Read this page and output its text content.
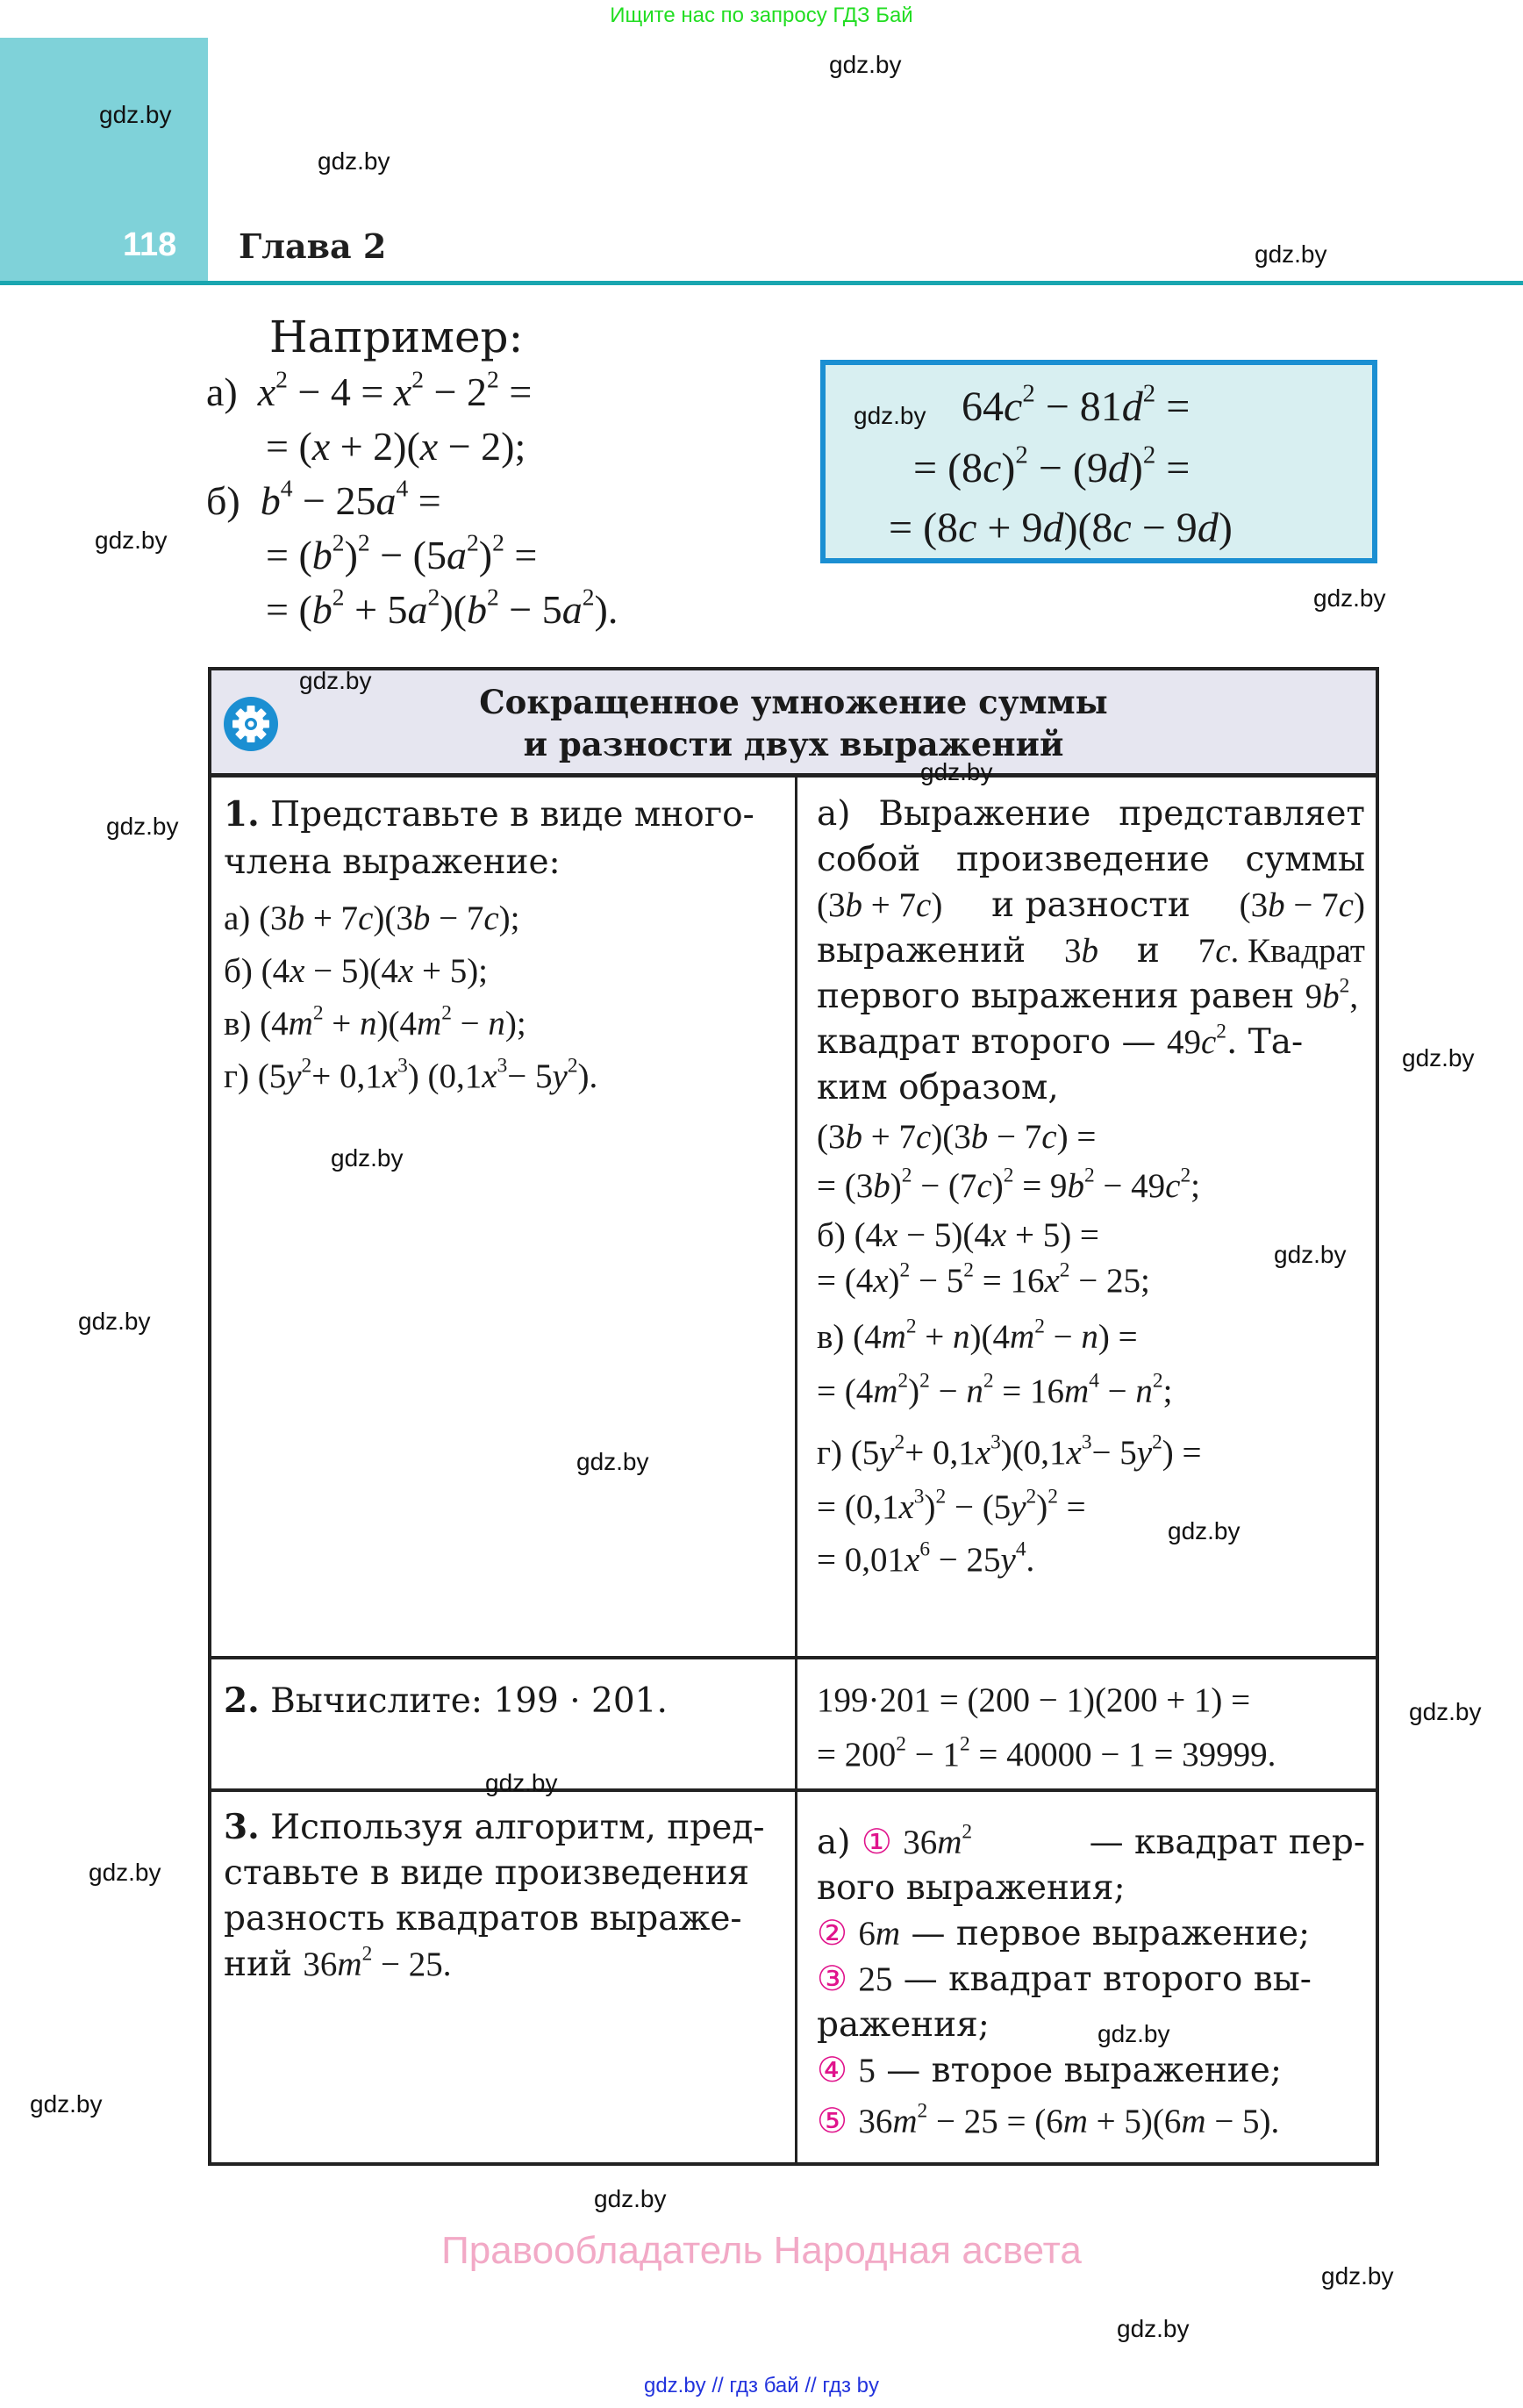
Ищите нас по запросу ГДЗ Бай
118 Глава 2
gdz.by
gdz.by
gdz.by
gdz.by
gdz.by
gdz.by
gdz.by
gdz.by
gdz.by
gdz.by
gdz.by
gdz.by
gdz.by
gdz.by
gdz.by
Например:
а) $x^2 - 4 = x^2 - 2^2$ =
= (x + 2)(x − 2);
б) $b^4 - 25a^4$ =
= $(b^2)^2 - (5a^2)^2$ =
= $(b^2 + 5a^2)(b^2 - 5a^2)$.
gdz.by $64c^2 - 81d^2$ =
= $(8c)^2 - (9d)^2$ =
= (8c + 9d)(8c − 9d)
gdz.by
Сокращенное умножение суммы
и разности двух выражений
gdz.by
1. Представьте в виде много-
члена выражение:
а) (3b + 7c)(3b − 7c);
б) (4x − 5)(4x + 5);
в) $(4m^2 + n)(4m^2 - n)$;
г) $(5y^2+ 0,1x^3)$ $(0,1x^3- 5y^2)$.
gdz.by
gdz.by
а) Выражение представляет
собой произведение суммы
(3b + 7c) и разности (3b − 7c)
выражений 3b и 7c. Квадрат
первого выражения равен $9b^2$,
квадрат второго — $49c^2$. Та-
ким образом,
(3b + 7c)(3b − 7c) =
= $(3b)^2 - (7c)^2 = 9b^2 - 49c^2$;
б) (4x − 5)(4x + 5) =
= $(4x)^2 - 5^2 = 16x^2 - 25$;
в) $(4m^2 + n)(4m^2 - n)$ =
= $(4m^2)^2 - n^2 = 16m^4 - n^2$;
г) $(5y^2+ 0,1x^3)(0,1x^3- 5y^2)$ =
= $(0,1x^3)^2 - (5y^2)^2$ =
= $0,01x^6 - 25y^4$.
gdz.by
gdz.by
2. Вычислите: 199 · 201.	199·201 = (200 − 1)(200 + 1) =
= $200^2 - 1^2 = 40000 - 1 = 39999$.
gdz.by
3. Используя алгоритм, пред-
ставьте в виде произведения
разность квадратов выраже-
ний $36m^2 - 25$.
а) ① $36m^2$	— квадрат пер-
вого выражения;
② 6m — первое выражение;
③ 25 — квадрат второго вы-
ражения;
④ 5 — второе выражение;
⑤ $36m^2 - 25 = (6m + 5)(6m - 5)$.
gdz.by
Правообладатель Народная асвета
gdz.by // гдз бай // гдз by
